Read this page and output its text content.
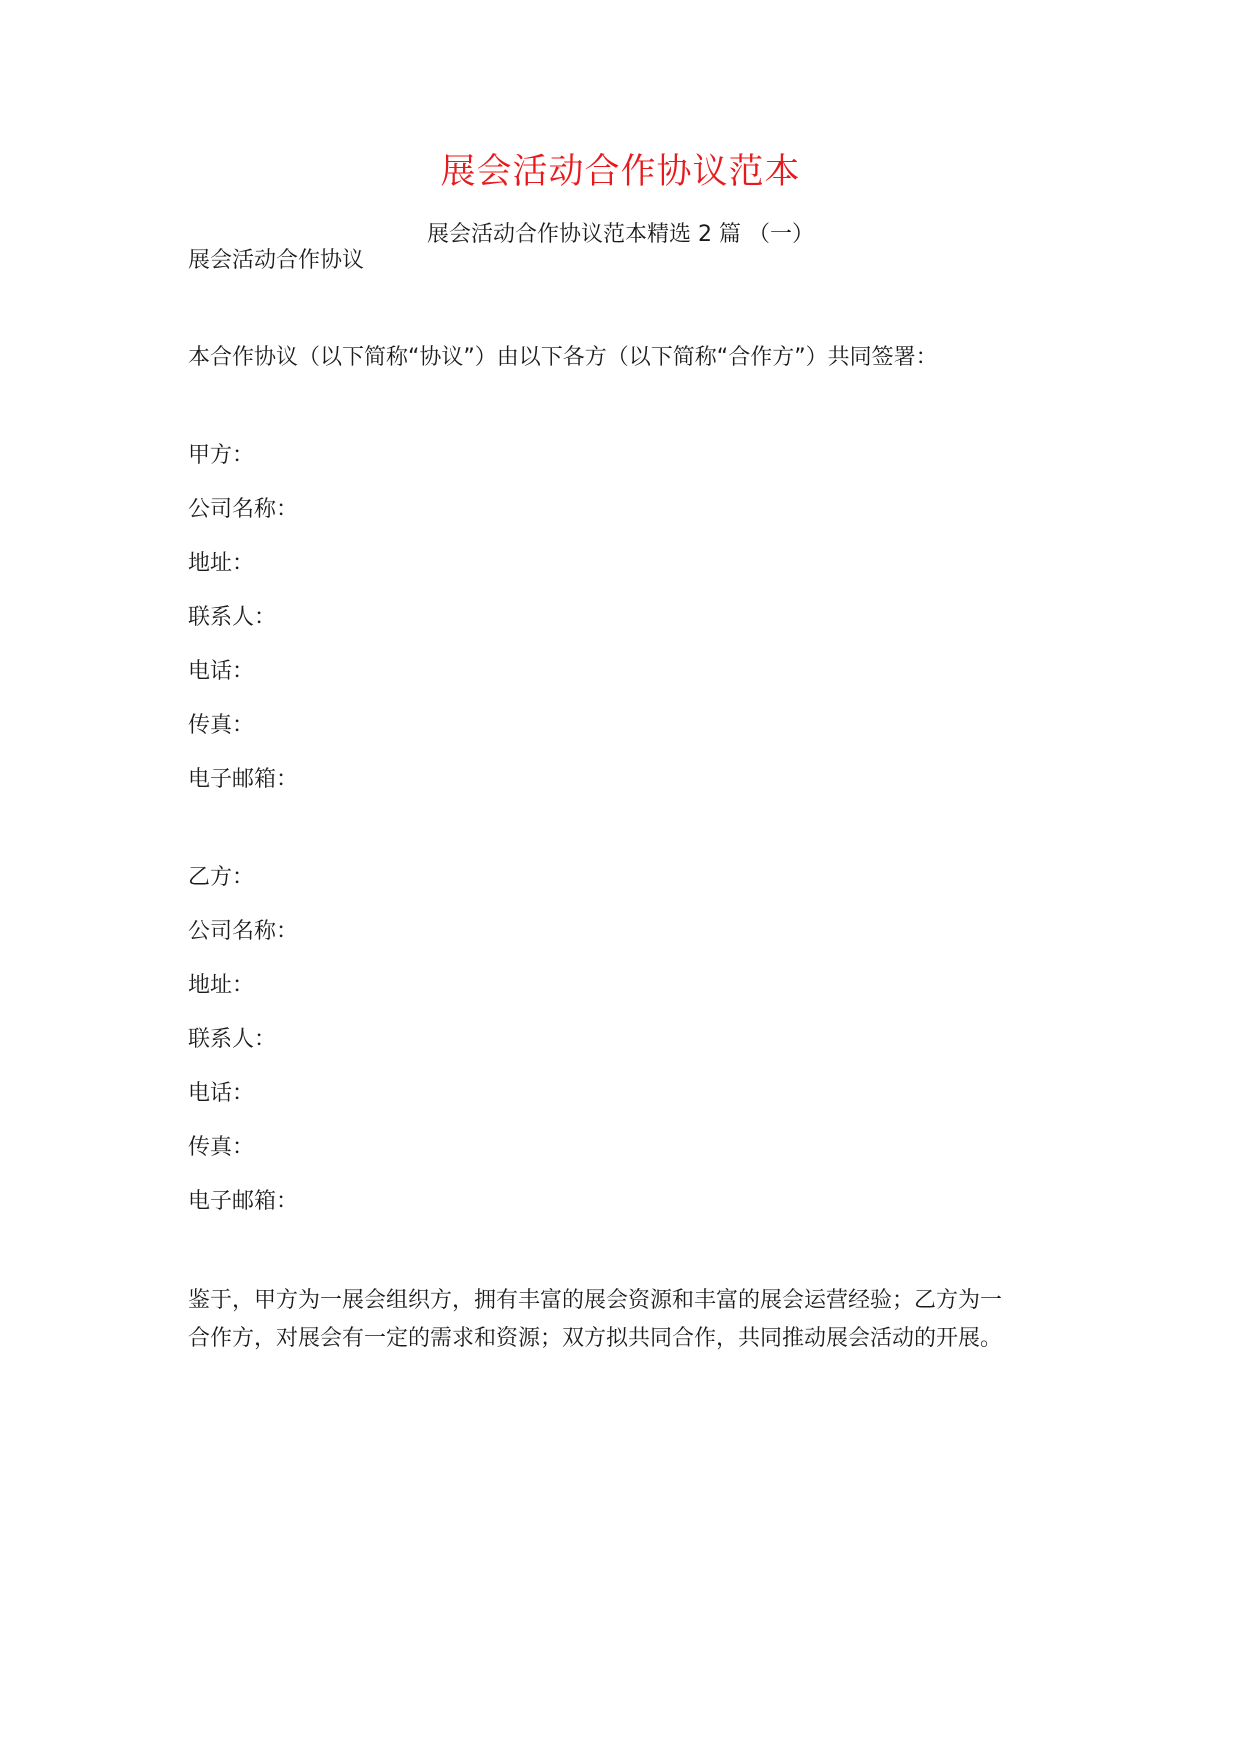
展会活动合作协议范本
展会活动合作协议范本精选 2 篇 （一）
展会活动合作协议
本合作协议（以下简称“协议”）由以下各方（以下简称“合作方”）共同签署：
甲方：
公司名称：
地址：
联系人：
电话：
传真：
电子邮箱：
乙方：
公司名称：
地址：
联系人：
电话：
传真：
电子邮箱：
鉴于，甲方为一展会组织方，拥有丰富的展会资源和丰富的展会运营经验；乙方为一
合作方，对展会有一定的需求和资源；双方拟共同合作，共同推动展会活动的开展。
